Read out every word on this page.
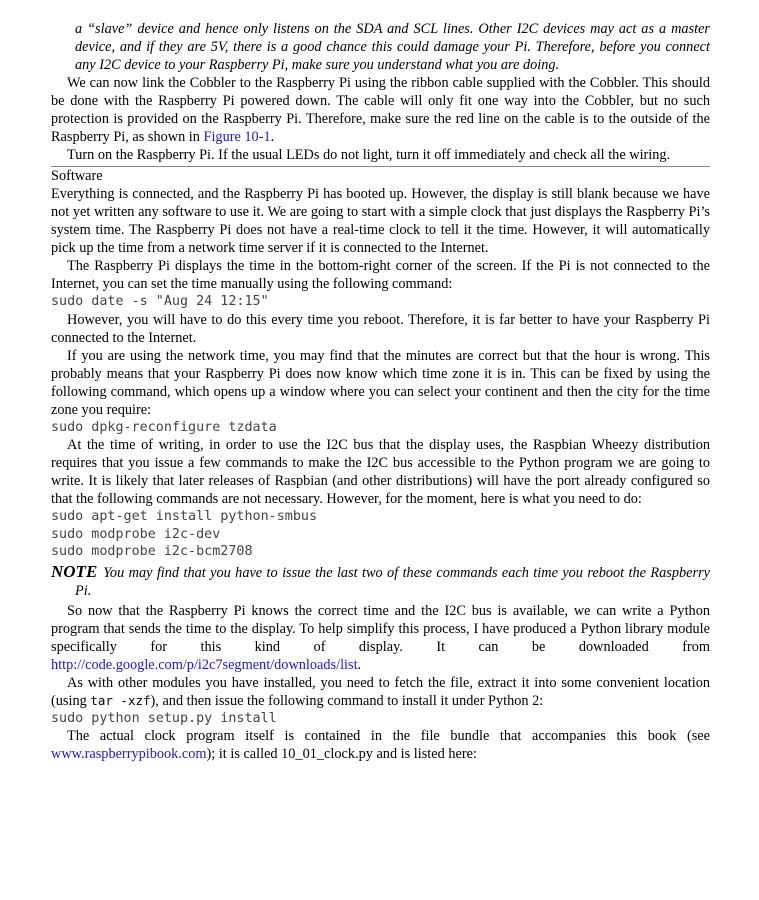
a “slave” device and hence only listens on the SDA and SCL lines. Other I2C devices may act as a master device, and if they are 5V, there is a good chance this could damage your Pi. Therefore, before you connect any I2C device to your Raspberry Pi, make sure you understand what you are doing.

We can now link the Cobbler to the Raspberry Pi using the ribbon cable supplied with the Cobbler. This should be done with the Raspberry Pi powered down. The cable will only fit one way into the Cobbler, but no such protection is provided on the Raspberry Pi. Therefore, make sure the red line on the cable is to the outside of the Raspberry Pi, as shown in Figure 10-1.

Turn on the Raspberry Pi. If the usual LEDs do not light, turn it off immediately and check all the wiring.

Software

Everything is connected, and the Raspberry Pi has booted up. However, the display is still blank because we have not yet written any software to use it. We are going to start with a simple clock that just displays the Raspberry Pi’s system time. The Raspberry Pi does not have a real-time clock to tell it the time. However, it will automatically pick up the time from a network time server if it is connected to the Internet.

The Raspberry Pi displays the time in the bottom-right corner of the screen. If the Pi is not connected to the Internet, you can set the time manually using the following command:

sudo date -s "Aug 24 12:15"

However, you will have to do this every time you reboot. Therefore, it is far better to have your Raspberry Pi connected to the Internet.

If you are using the network time, you may find that the minutes are correct but that the hour is wrong. This probably means that your Raspberry Pi does now know which time zone it is in. This can be fixed by using the following command, which opens up a window where you can select your continent and then the city for the time zone you require:

sudo dpkg-reconfigure tzdata

At the time of writing, in order to use the I2C bus that the display uses, the Raspbian Wheezy distribution requires that you issue a few commands to make the I2C bus accessible to the Python program we are going to write. It is likely that later releases of Raspbian (and other distributions) will have the port already configured so that the following commands are not necessary. However, for the moment, here is what you need to do:

sudo apt-get install python-smbus
sudo modprobe i2c-dev
sudo modprobe i2c-bcm2708

NOTE You may find that you have to issue the last two of these commands each time you reboot the Raspberry Pi.

So now that the Raspberry Pi knows the correct time and the I2C bus is available, we can write a Python program that sends the time to the display. To help simplify this process, I have produced a Python library module specifically for this kind of display. It can be downloaded from http://code.google.com/p/i2c7segment/downloads/list.

As with other modules you have installed, you need to fetch the file, extract it into some convenient location (using tar -xzf), and then issue the following command to install it under Python 2:

sudo python setup.py install

The actual clock program itself is contained in the file bundle that accompanies this book (see www.raspberrypibook.com); it is called 10_01_clock.py and is listed here:
